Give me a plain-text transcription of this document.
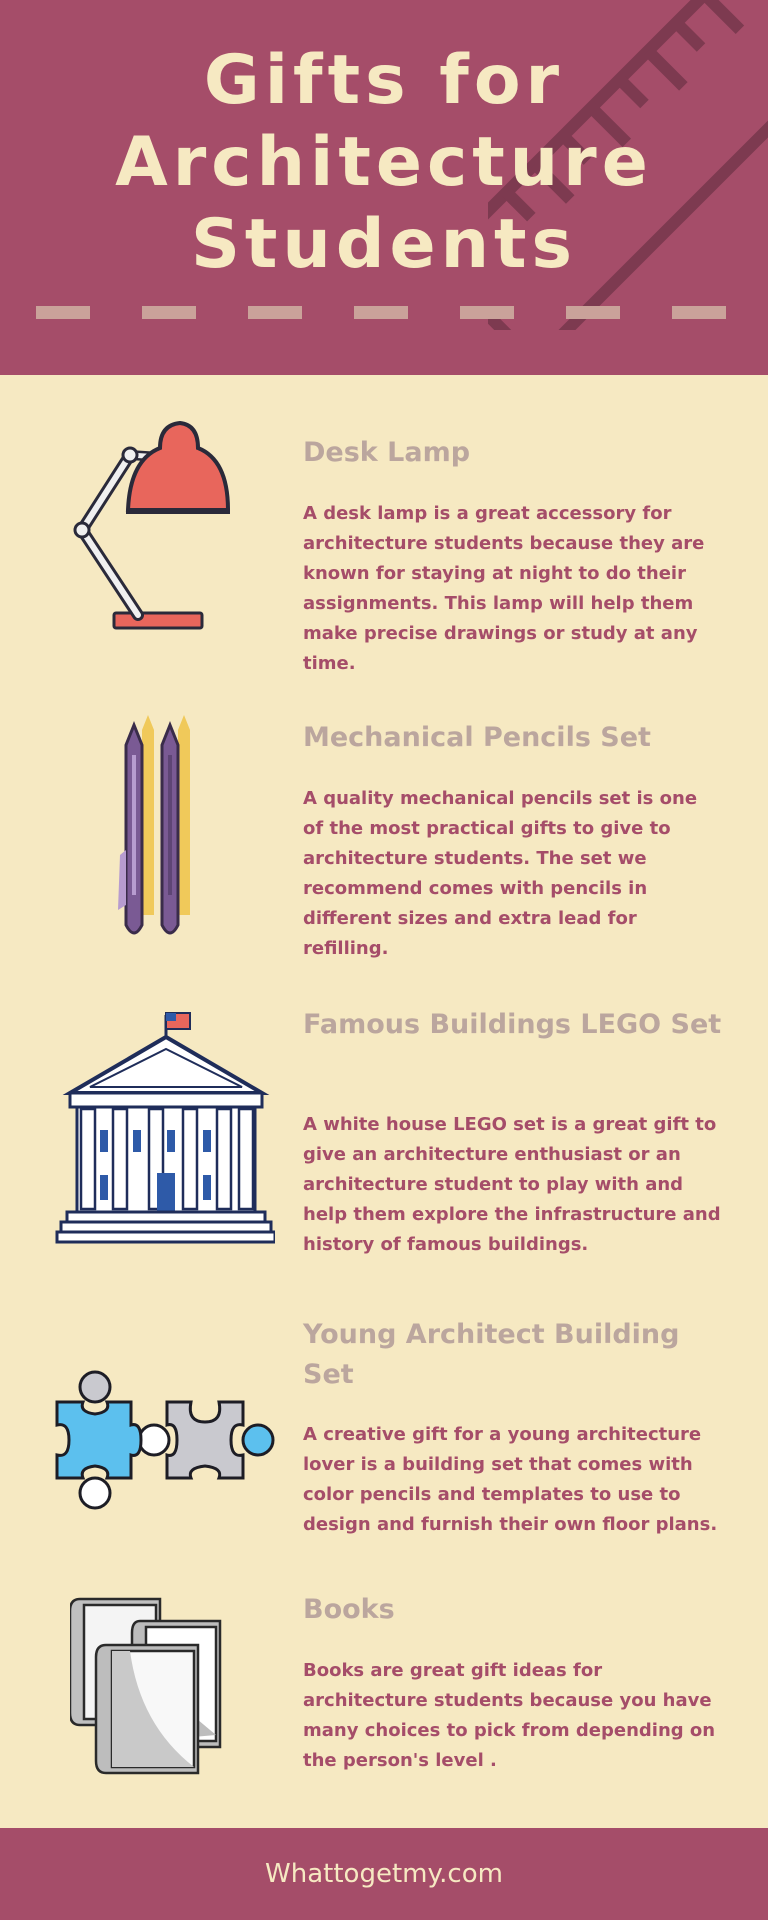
Gifts for
Architecture
Students
Desk Lamp

A desk lamp is a great accessory for architecture students because they are known for staying at night to do their assignments. This lamp will help them make precise drawings or study at any time.

Mechanical Pencils Set

A quality mechanical pencils set is one of the most practical gifts to give to architecture students. The set we recommend comes with pencils in different sizes and extra lead for refilling.

Famous Buildings LEGO Set

A white house LEGO set is a great gift to give an architecture enthusiast or an architecture student to play with and help them explore the infrastructure and history of famous buildings.

Young Architect Building Set

A creative gift for a young architecture lover is a building set that comes with color pencils and templates to use to design and furnish their own floor plans.

Books

Books are great gift ideas for architecture students because you have many choices to pick from depending on the person's level .

Whattogetmy.com
